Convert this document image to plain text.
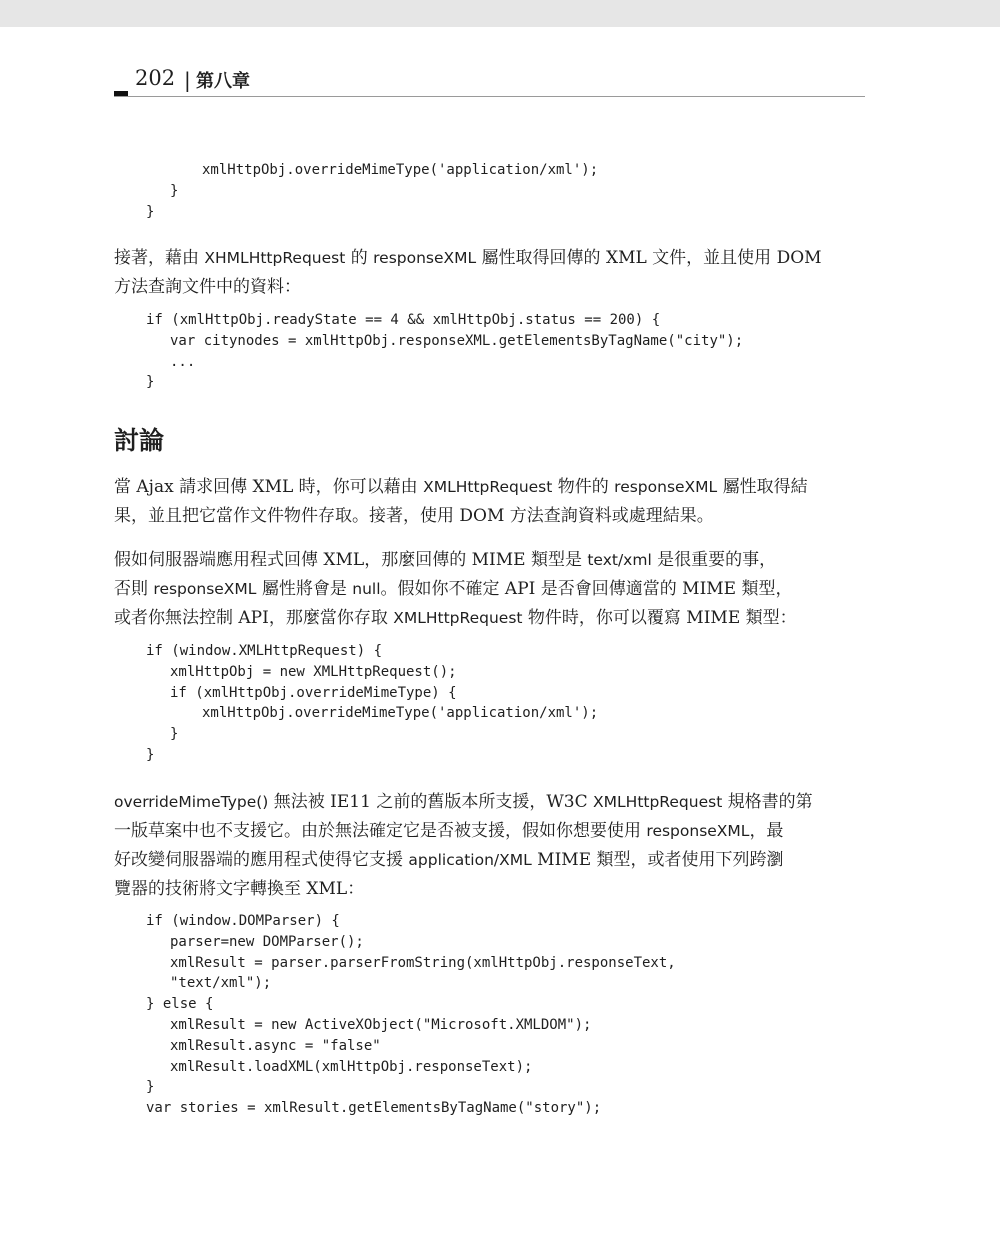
202 | 第八章
xmlHttpObj.overrideMimeType('application/xml');
}
}
接著，藉由 XHMLHttpRequest 的 responseXML 屬性取得回傳的 XML 文件，並且使用 DOM
方法查詢文件中的資料：
if (xmlHttpObj.readyState == 4 && xmlHttpObj.status == 200) {
var citynodes = xmlHttpObj.responseXML.getElementsByTagName("city");
...
}
討論
當 Ajax 請求回傳 XML 時，你可以藉由 XMLHttpRequest 物件的 responseXML 屬性取得結
果，並且把它當作文件物件存取。接著，使用 DOM 方法查詢資料或處理結果。
假如伺服器端應用程式回傳 XML，那麼回傳的 MIME 類型是 text/xml 是很重要的事，
否則 responseXML 屬性將會是 null。假如你不確定 API 是否會回傳適當的 MIME 類型，
或者你無法控制 API，那麼當你存取 XMLHttpRequest 物件時，你可以覆寫 MIME 類型：
if (window.XMLHttpRequest) {
xmlHttpObj = new XMLHttpRequest();
if (xmlHttpObj.overrideMimeType) {
xmlHttpObj.overrideMimeType('application/xml');
}
}
overrideMimeType() 無法被 IE11 之前的舊版本所支援，W3C XMLHttpRequest 規格書的第
一版草案中也不支援它。由於無法確定它是否被支援，假如你想要使用 responseXML，最
好改變伺服器端的應用程式使得它支援 application/XML MIME 類型，或者使用下列跨瀏
覽器的技術將文字轉換至 XML：
if (window.DOMParser) {
parser=new DOMParser();
xmlResult = parser.parserFromString(xmlHttpObj.responseText,
"text/xml");
} else {
xmlResult = new ActiveXObject("Microsoft.XMLDOM");
xmlResult.async = "false"
xmlResult.loadXML(xmlHttpObj.responseText);
}
var stories = xmlResult.getElementsByTagName("story");
